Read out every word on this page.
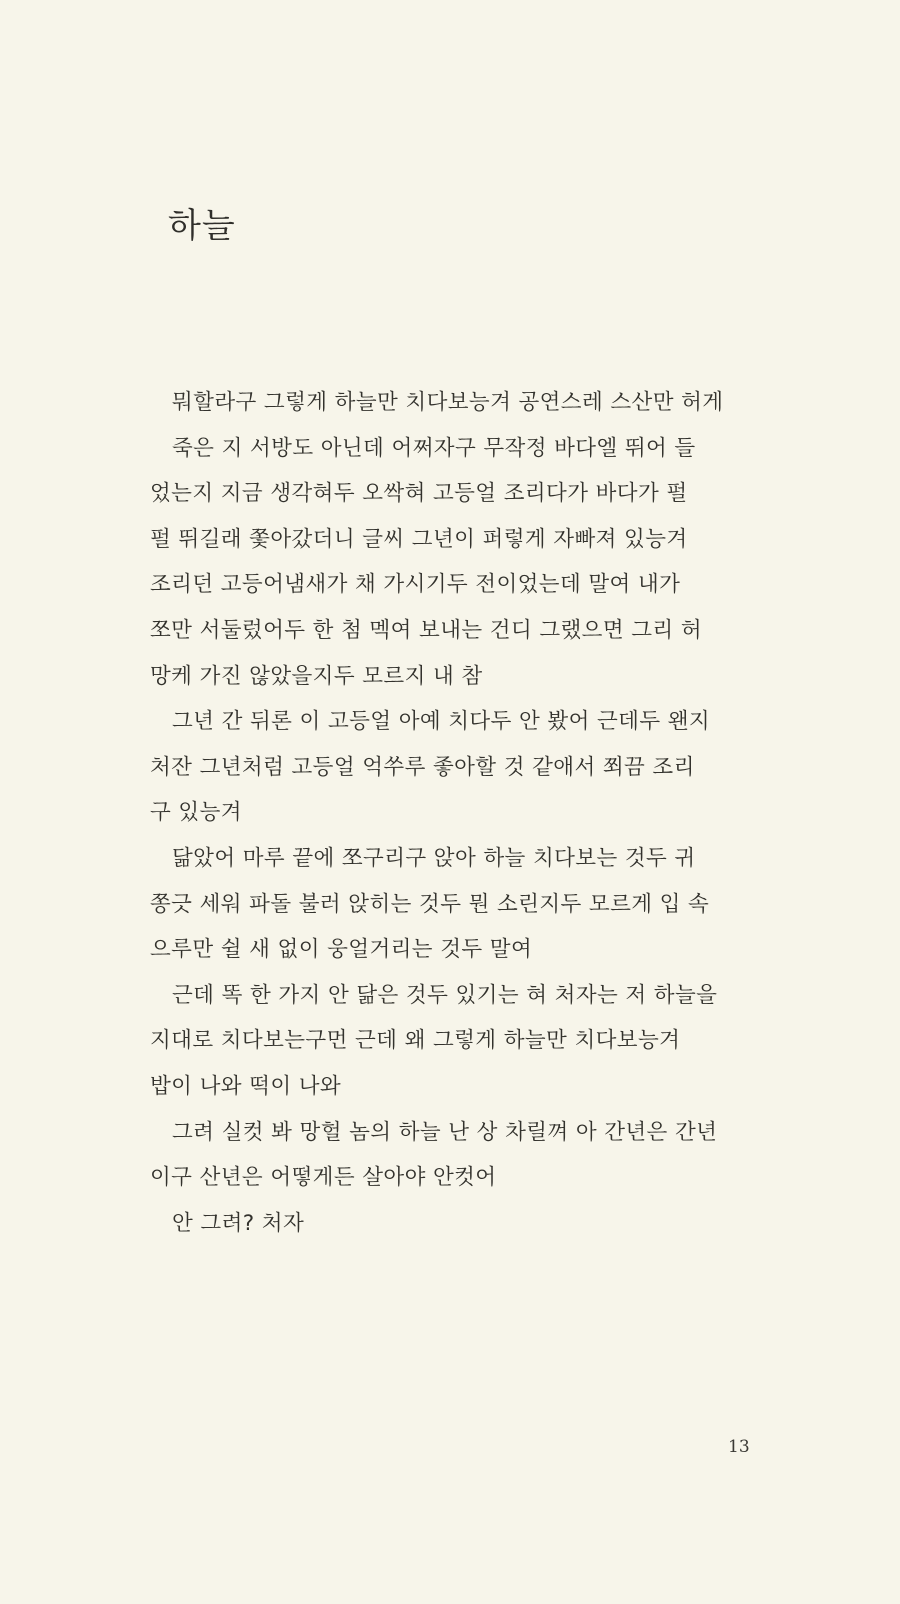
하늘
뭐할라구 그렇게 하늘만 치다보능겨 공연스레 스산만 허게
죽은 지 서방도 아닌데 어쩌자구 무작정 바다엘 뛰어 들
었는지 지금 생각혀두 오싹혀 고등얼 조리다가 바다가 펄
펄 뛰길래 쫓아갔더니 글씨 그년이 퍼렇게 자빠져 있능겨
조리던 고등어냄새가 채 가시기두 전이었는데 말여 내가
쪼만 서둘렀어두 한 첨 멕여 보내는 건디 그랬으면 그리 허
망케 가진 않았을지두 모르지 내 참
그년 간 뒤론 이 고등얼 아예 치다두 안 봤어 근데두 왠지
처잔 그년처럼 고등얼 억쑤루 좋아할 것 같애서 쬐끔 조리
구 있능겨
닮았어 마루 끝에 쪼구리구 앉아 하늘 치다보는 것두 귀
쫑긋 세워 파돌 불러 앉히는 것두 뭔 소린지두 모르게 입 속
으루만 쉴 새 없이 웅얼거리는 것두 말여
근데 똑 한 가지 안 닮은 것두 있기는 혀 처자는 저 하늘을
지대로 치다보는구먼 근데 왜 그렇게 하늘만 치다보능겨
밥이 나와 떡이 나와
그려 실컷 봐 망헐 놈의 하늘 난 상 차릴껴 아 간년은 간년
이구 산년은 어떻게든 살아야 안컷어
안 그려? 처자
13
